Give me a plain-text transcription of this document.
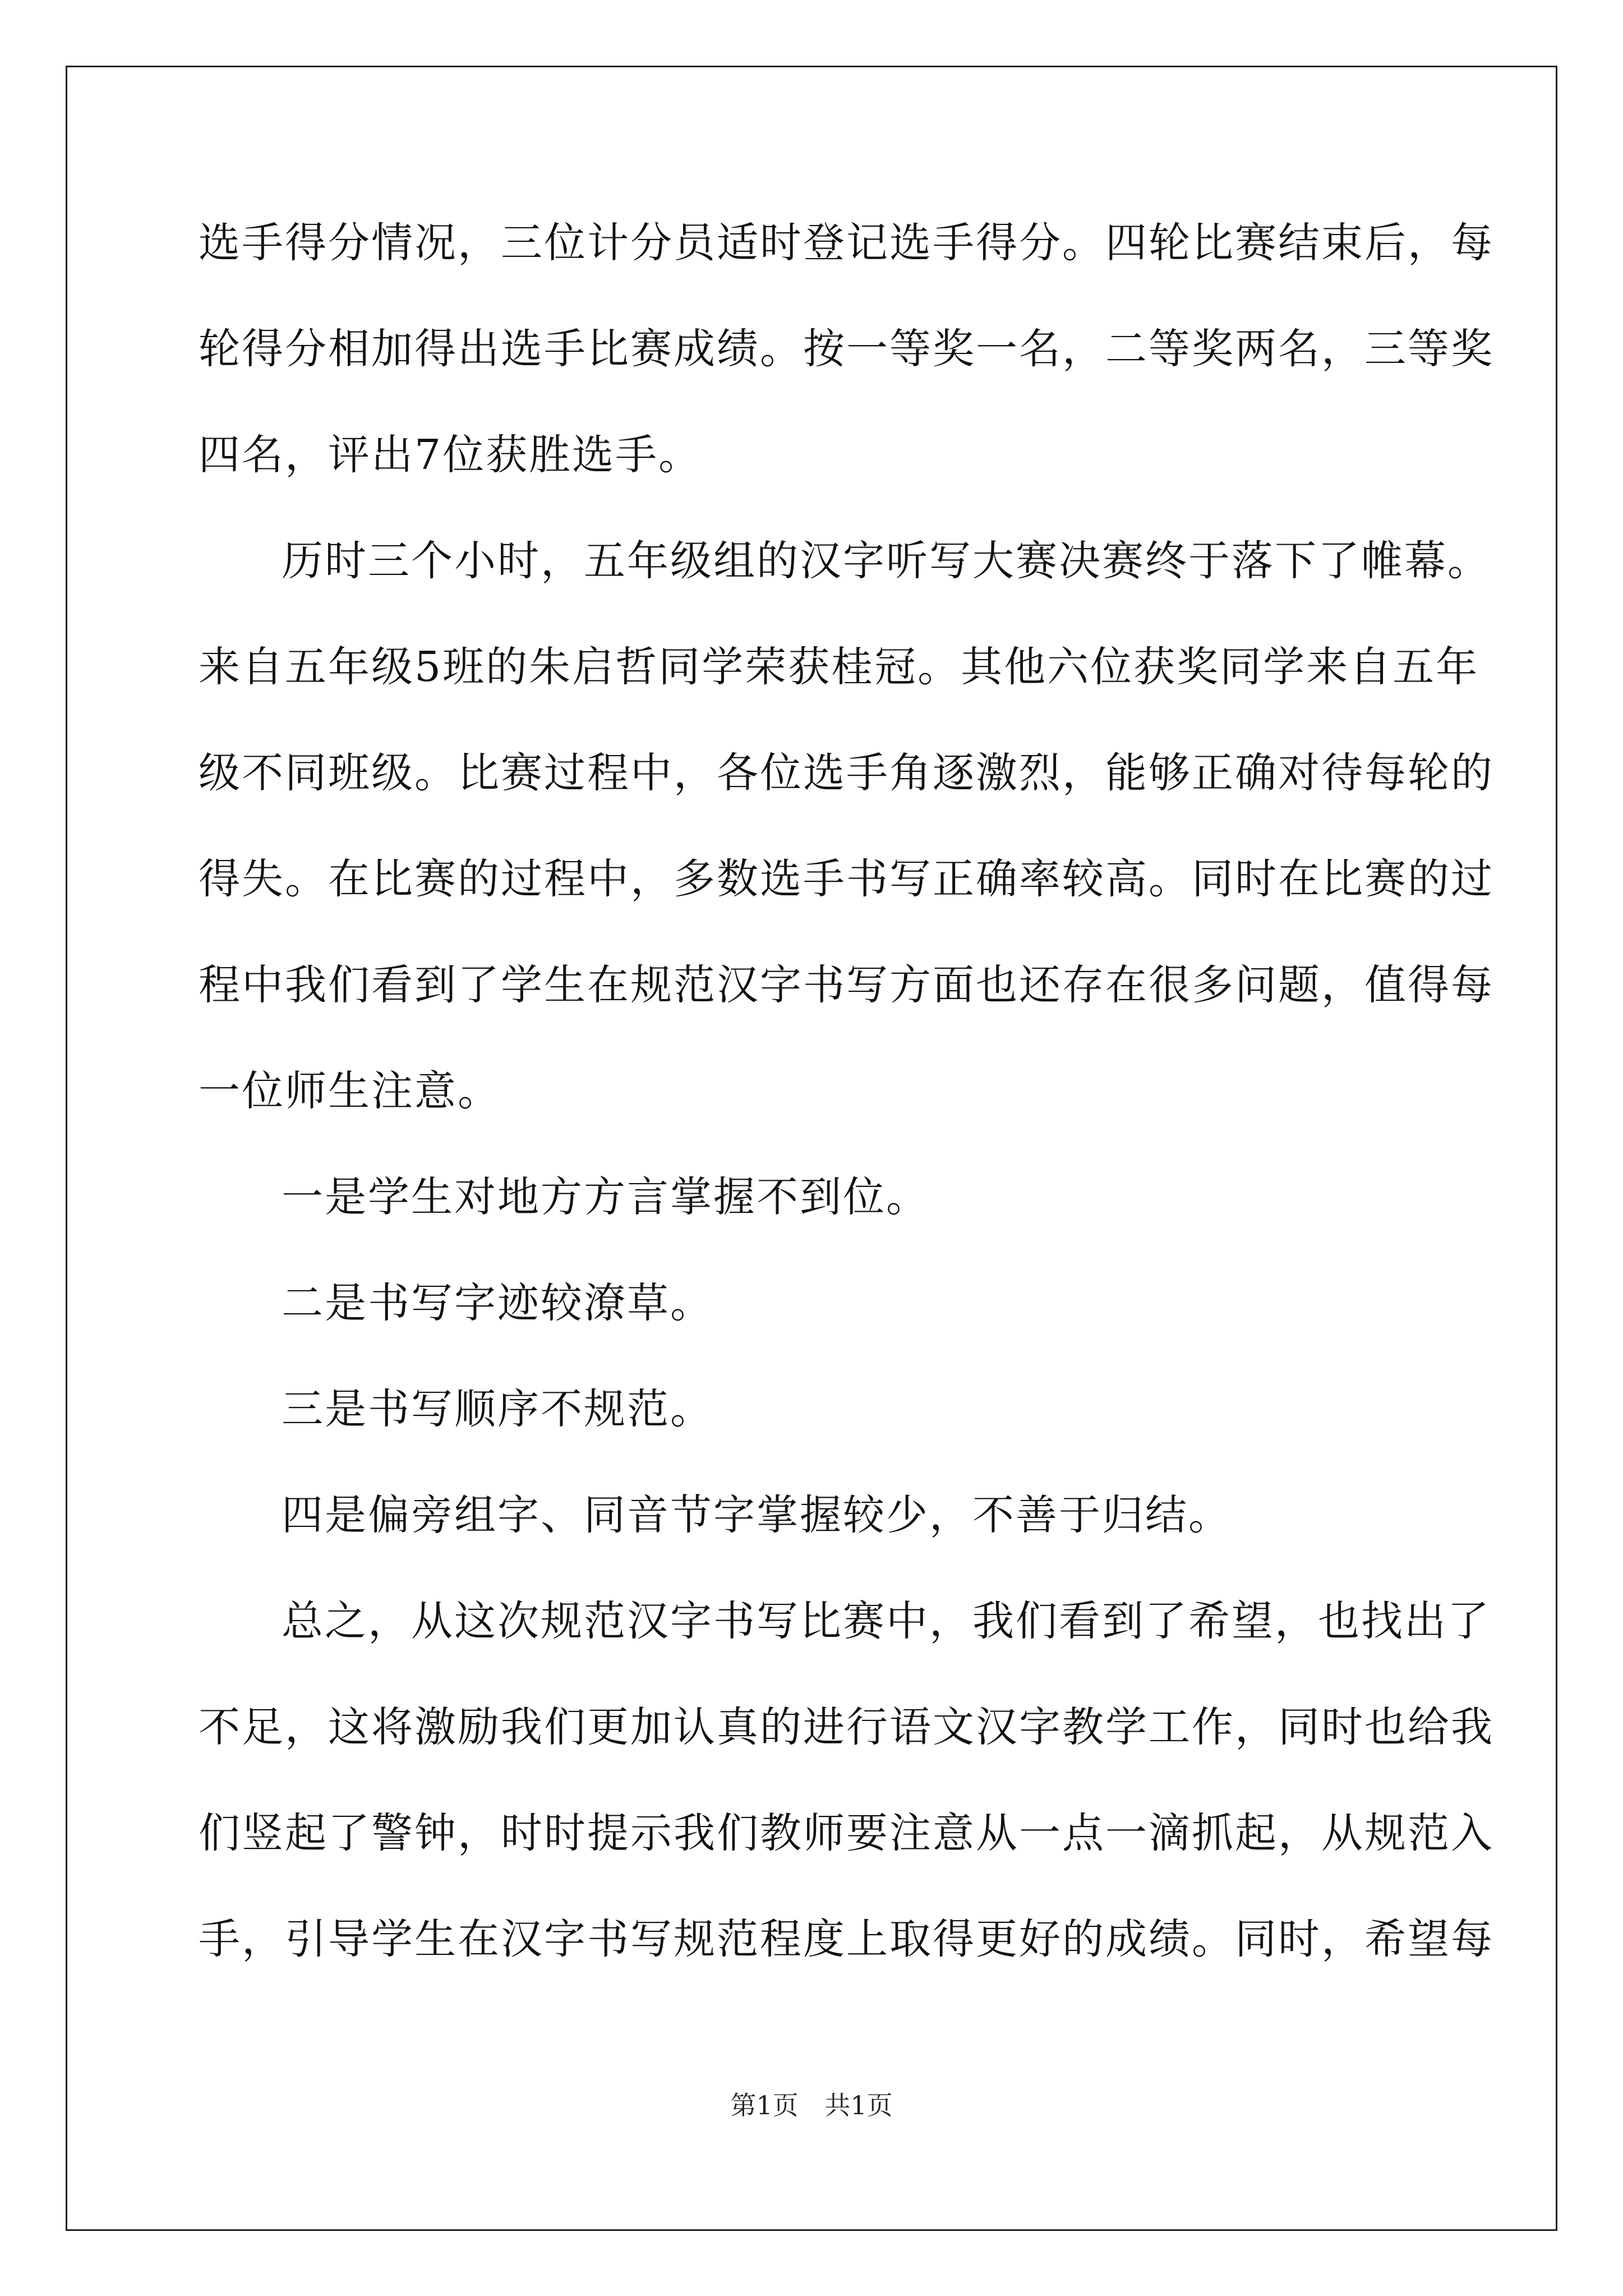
选手得分情况，三位计分员适时登记选手得分。四轮比赛结束后，每
轮得分相加得出选手比赛成绩。按一等奖一名，二等奖两名，三等奖
四名，评出7位获胜选手。
历时三个小时，五年级组的汉字听写大赛决赛终于落下了帷幕。
来自五年级5班的朱启哲同学荣获桂冠。其他六位获奖同学来自五年
级不同班级。比赛过程中，各位选手角逐激烈，能够正确对待每轮的
得失。在比赛的过程中，多数选手书写正确率较高。同时在比赛的过
程中我们看到了学生在规范汉字书写方面也还存在很多问题，值得每
一位师生注意。
一是学生对地方方言掌握不到位。
二是书写字迹较潦草。
三是书写顺序不规范。
四是偏旁组字、同音节字掌握较少，不善于归结。
总之，从这次规范汉字书写比赛中，我们看到了希望，也找出了
不足，这将激励我们更加认真的进行语文汉字教学工作，同时也给我
们竖起了警钟，时时提示我们教师要注意从一点一滴抓起，从规范入
手，引导学生在汉字书写规范程度上取得更好的成绩。同时，希望每
第1页 共1页
